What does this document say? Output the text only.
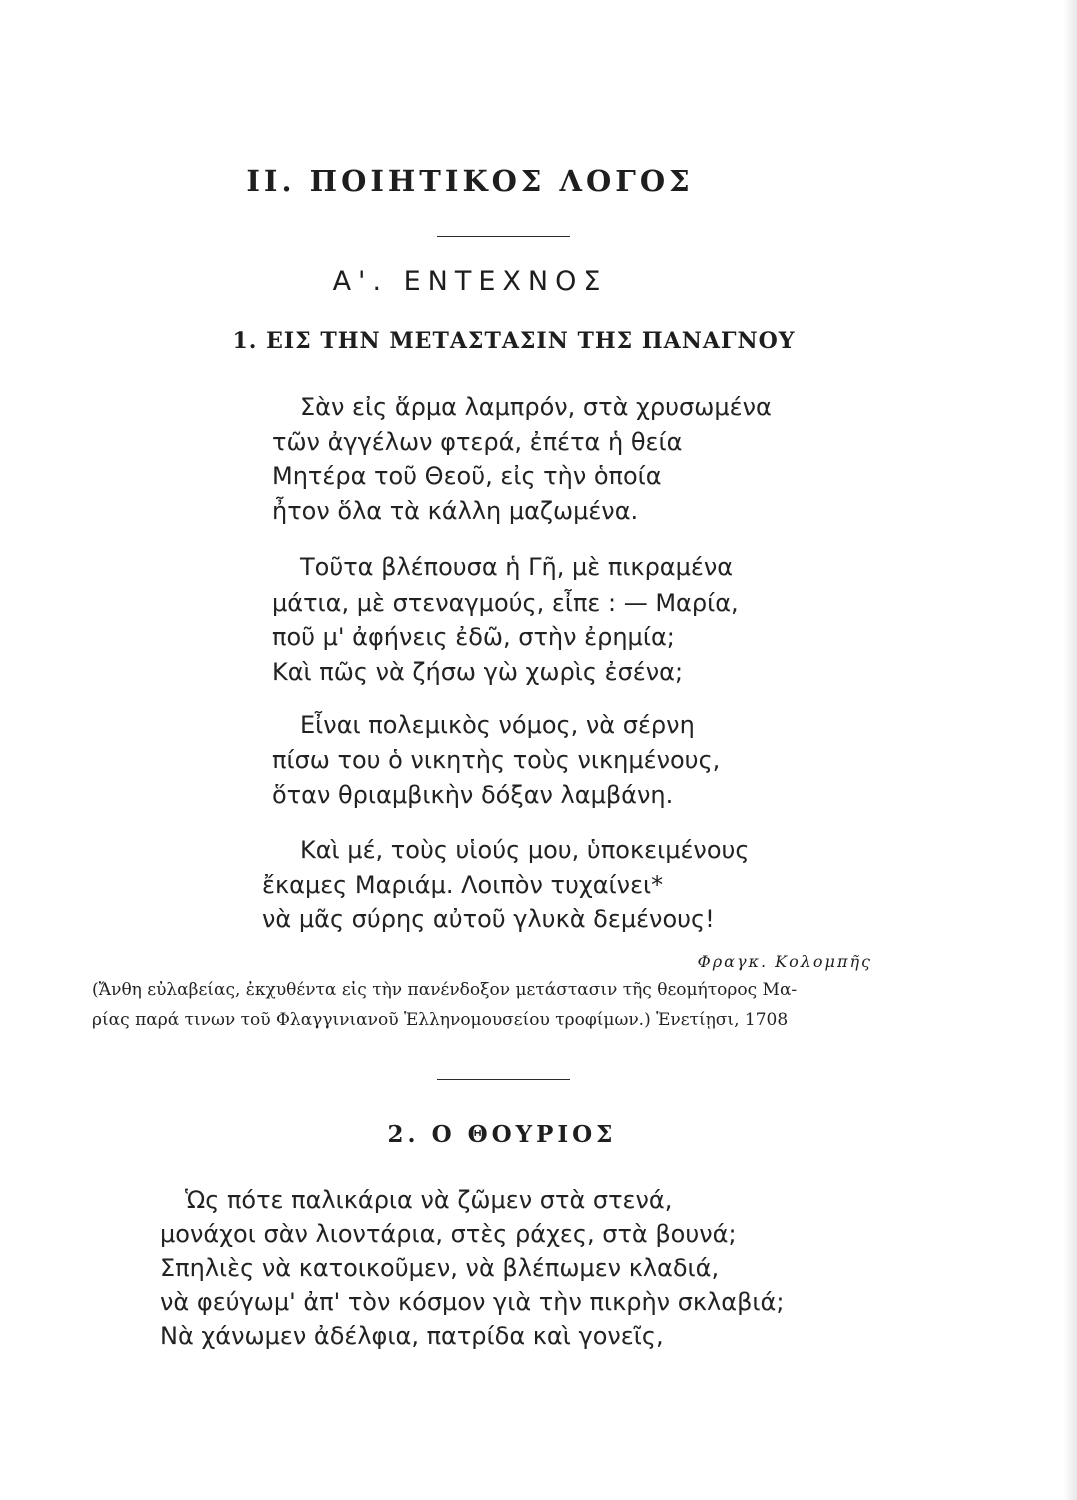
II. ΠΟΙΗΤΙΚΟΣ ΛΟΓΟΣ
Α'. ΕΝΤΕΧΝΟΣ
1. ΕΙΣ ΤΗΝ ΜΕΤΑΣΤΑΣΙΝ ΤΗΣ ΠΑΝΑΓΝΟΥ
Σὰν εἰς ἅρμα λαμπρόν, στὰ χρυσωμένα
τῶν ἀγγέλων φτερά, ἐπέτα ἡ θεία
Μητέρα τοῦ Θεοῦ, εἰς τὴν ὁποία
ἦτον ὅλα τὰ κάλλη μαζωμένα.
Τοῦτα βλέπουσα ἡ Γῆ, μὲ πικραμένα
μάτια, μὲ στεναγμούς, εἶπε : — Μαρία,
ποῦ μ' ἀφήνεις ἐδῶ, στὴν ἐρημία;
Καὶ πῶς νὰ ζήσω γὼ χωρὶς ἐσένα;
Εἶναι πολεμικὸς νόμος, νὰ σέρνη
πίσω του ὁ νικητὴς τοὺς νικημένους,
ὅταν θριαμβικὴν δόξαν λαμβάνη.
Καὶ μέ, τοὺς υἱούς μου, ὑποκειμένους
ἔκαμες Μαριάμ. Λοιπὸν τυχαίνει*
νὰ μᾶς σύρης αὐτοῦ γλυκὰ δεμένους!
Φραγκ. Κολομπῆς
(Ἄνθη εὐλαβείας, ἐκχυθέντα εἰς τὴν πανένδοξον μετάστασιν τῆς θεομήτορος Μα-
ρίας παρά τινων τοῦ Φλαγγινιανοῦ Ἑλληνομουσείου τροφίμων.) Ἑνετίῃσι, 1708
2. Ο ΘΟΥΡΙΟΣ
Ὡς πότε παλικάρια νὰ ζῶμεν στὰ στενά,
μονάχοι σὰν λιοντάρια, στὲς ράχες, στὰ βουνά;
Σπηλιὲς νὰ κατοικοῦμεν, νὰ βλέπωμεν κλαδιά,
νὰ φεύγωμ' ἀπ' τὸν κόσμον γιὰ τὴν πικρὴν σκλαβιά;
Νὰ χάνωμεν ἀδέλφια, πατρίδα καὶ γονεῖς,
